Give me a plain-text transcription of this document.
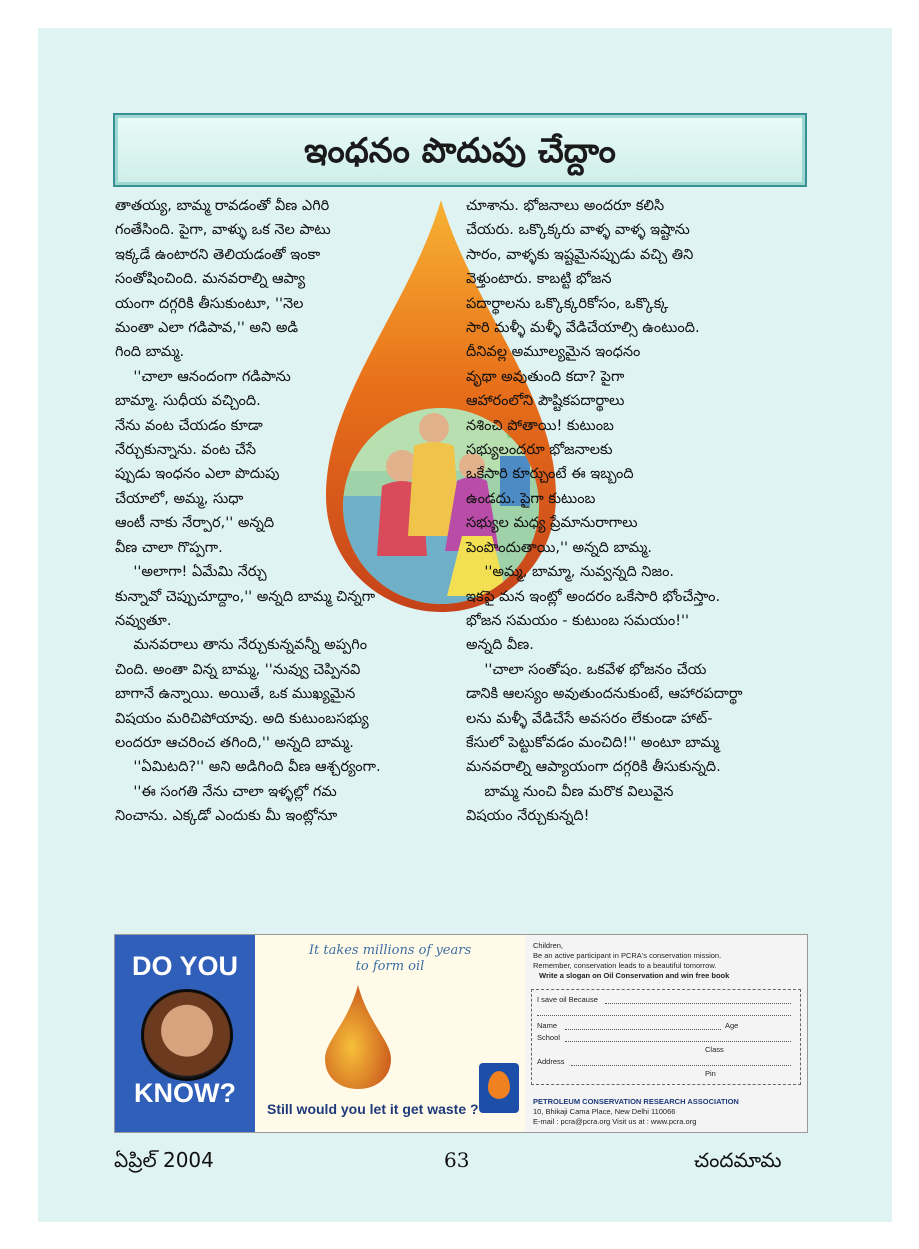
ఇంధనం పొదుపు చేద్దాం

తాతయ్య, బామ్మ రావడంతో వీణ ఎగిరి

గంతేసింది. పైగా, వాళ్ళు ఒక నెల పాటు

ఇక్కడే ఉంటారని తెలియడంతో ఇంకా

సంతోషించింది. మనవరాల్ని ఆప్యా

యంగా దగ్గరికి తీసుకుంటూ, ''నెల

మంతా ఎలా గడిపావ,'' అని అడి

గింది బామ్మ.

''చాలా ఆనందంగా గడిపాను

బామ్మా. సుధీయ వచ్చింది.

నేను వంట చేయడం కూడా

నేర్చుకున్నాను. వంట చేసే

ప్పుడు ఇంధనం ఎలా పొదుపు

చేయాలో, అమ్మ, సుధా

ఆంటీ నాకు నేర్పార,'' అన్నది

వీణ చాలా గొప్పగా.

''అలాగా! ఏమేమి నేర్చు

కున్నావో చెప్పుచూద్దాం,'' అన్నది బామ్మ చిన్నగా

నవ్వుతూ.

మనవరాలు తాను నేర్చుకున్నవన్నీ అప్పగిం

చింది. అంతా విన్న బామ్మ, ''నువ్వు చెప్పినవి

బాగానే ఉన్నాయి. అయితే, ఒక ముఖ్యమైన

విషయం మరిచిపోయావు. అది కుటుంబసభ్యు

లందరూ ఆచరించ తగింది,'' అన్నది బామ్మ.

''ఏమిటది?'' అని అడిగింది వీణ ఆశ్చర్యంగా.

''ఈ సంగతి నేను చాలా ఇళ్ళల్లో గమ

నించాను. ఎక్కడో ఎందుకు మీ ఇంట్లోనూ

చూశాను. భోజనాలు అందరూ కలిసి

చేయరు. ఒక్కొక్కరు వాళ్ళ వాళ్ళ ఇష్టాను

సారం, వాళ్ళకు ఇష్టమైనప్పుడు వచ్చి తిని

వెళ్తుంటారు. కాబట్టి భోజన

పదార్థాలను ఒక్కొక్కరికోసం, ఒక్కొక్క

సారి మళ్ళీ మళ్ళీ వేడిచేయాల్సి ఉంటుంది.

దీనివల్ల అమూల్యమైన ఇంధనం

వృథా అవుతుంది కదా? పైగా

ఆహారంలోని పౌష్టికపదార్థాలు

నశించి పోతాయి! కుటుంబ

సభ్యులందరూ భోజనాలకు

ఒకేసారి కూర్చుంటే ఈ ఇబ్బంది

ఉండదు. పైగా కుటుంబ

సభ్యుల మధ్య ప్రేమానురాగాలు

పెంపొందుతాయి,'' అన్నది బామ్మ.

''అమ్మ, బామ్మా, నువ్వన్నది నిజం.

ఇకపై మన ఇంట్లో అందరం ఒకేసారి భోంచేస్తాం.

భోజన సమయం - కుటుంబ సమయం!''

అన్నది వీణ.

''చాలా సంతోషం. ఒకవేళ భోజనం చేయ

డానికి ఆలస్యం అవుతుందనుకుంటే, ఆహారపదార్థా

లను మళ్ళీ వేడిచేసే అవసరం లేకుండా హాట్-

కేసులో పెట్టుకోవడం మంచిది!'' అంటూ బామ్మ

మనవరాల్ని ఆప్యాయంగా దగ్గరికి తీసుకున్నది.

బామ్మ నుంచి వీణ మరొక విలువైన

విషయం నేర్చుకున్నది!

DO YOU
KNOW?
It takes millions of years to form oil
Still would you let it get waste ?
Children,
Be an active participant in PCRA's conservation mission.
Remember, conservation leads to a beautiful tomorrow.
Write a slogan on Oil Conservation and win free book
I save oil Because
Name	Age
School
Class
Address
Pin
PETROLEUM CONSERVATION RESEARCH ASSOCIATION
10, Bhikaji Cama Place, New Delhi 110066
E-mail : pcra@pcra.org Visit us at : www.pcra.org
ఏప్రిల్ 2004	63	చందమామ
